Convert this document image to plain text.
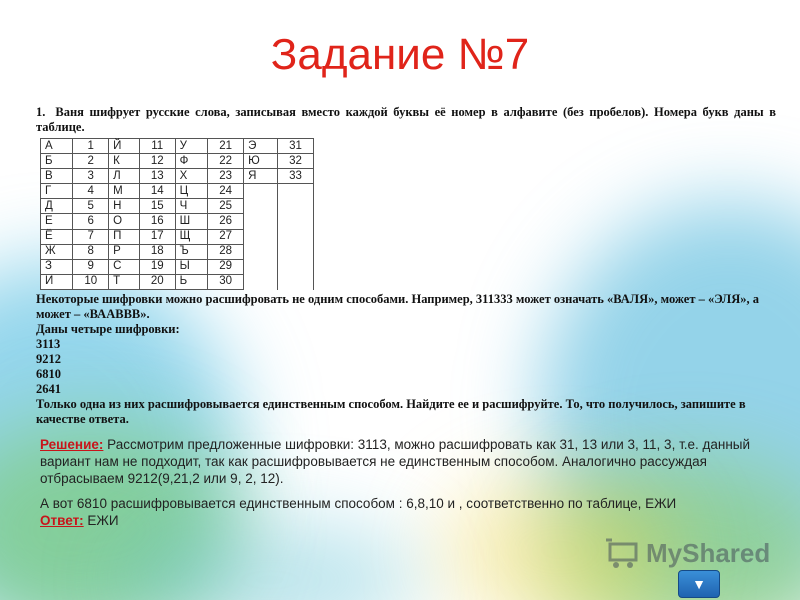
Задание №7

1. Ваня шифрует русские слова, записывая вместо каждой буквы её номер в алфавите (без пробелов). Номера букв даны в таблице.

А	1	Й	11	У	21	Э	31
Б	2	К	12	Ф	22	Ю	32
В	3	Л	13	Х	23	Я	33
Г	4	М	14	Ц	24		
Д	5	Н	15	Ч	25		
Е	6	О	16	Ш	26		
Ё	7	П	17	Щ	27		
Ж	8	Р	18	Ъ	28		
З	9	С	19	Ы	29		
И	10	Т	20	Ь	30		

Некоторые шифровки можно расшифровать не одним способами. Например, 311333 может означать «ВАЛЯ», может – «ЭЛЯ», а может – «ВААВВВ».

Даны четыре шифровки:

3113
9212
6810
2641

Только одна из них расшифровывается единственным способом. Найдите ее и расшифруйте. То, что получилось, запишите в качестве ответа.

Решение: Рассмотрим предложенные шифровки: 3113, можно расшифровать как 31, 13 или 3, 11, 3, т.е. данный вариант нам не подходит, так как расшифровывается не единственным способом. Аналогично рассуждая отбрасываем 9212(9,21,2 или 9, 2, 12).

А вот 6810 расшифровывается единственным способом : 6,8,10 и , соответственно по таблице, ЕЖИ

Ответ: ЕЖИ

MyShared
▼
